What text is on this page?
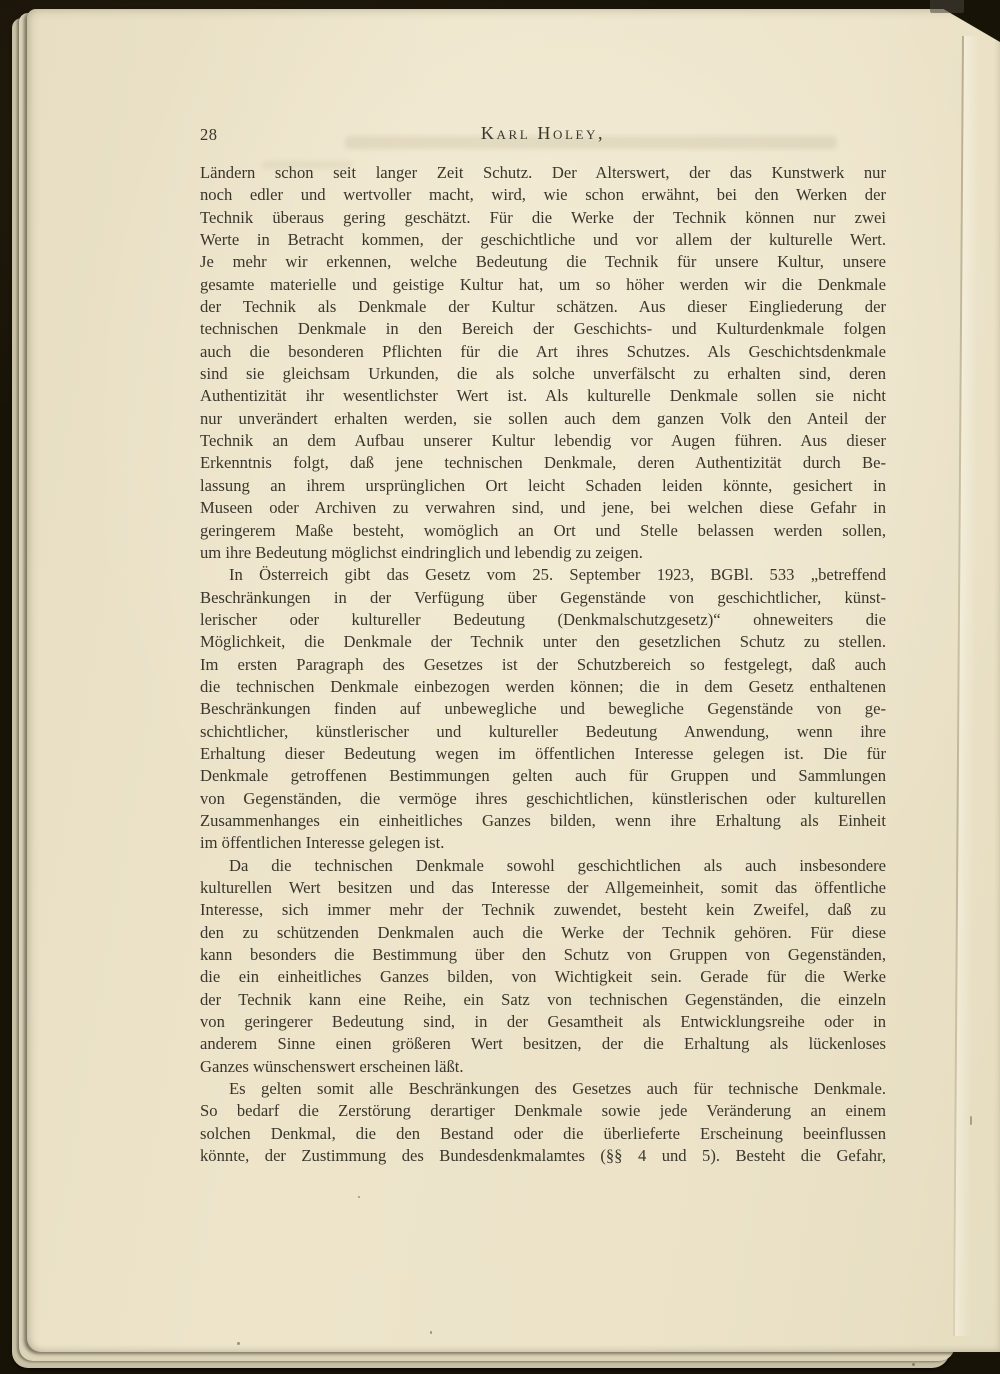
28	Karl Holey,
Ländern schon seit langer Zeit Schutz. Der Alterswert, der das Kunstwerk nur
noch edler und wertvoller macht, wird, wie schon erwähnt, bei den Werken der
Technik überaus gering geschätzt. Für die Werke der Technik können nur zwei
Werte in Betracht kommen, der geschichtliche und vor allem der kulturelle Wert.
Je mehr wir erkennen, welche Bedeutung die Technik für unsere Kultur, unsere
gesamte materielle und geistige Kultur hat, um so höher werden wir die Denkmale
der Technik als Denkmale der Kultur schätzen. Aus dieser Eingliederung der
technischen Denkmale in den Bereich der Geschichts- und Kulturdenkmale folgen
auch die besonderen Pflichten für die Art ihres Schutzes. Als Geschichtsdenkmale
sind sie gleichsam Urkunden, die als solche unverfälscht zu erhalten sind, deren
Authentizität ihr wesentlichster Wert ist. Als kulturelle Denkmale sollen sie nicht
nur unverändert erhalten werden, sie sollen auch dem ganzen Volk den Anteil der
Technik an dem Aufbau unserer Kultur lebendig vor Augen führen. Aus dieser
Erkenntnis folgt, daß jene technischen Denkmale, deren Authentizität durch Be-
lassung an ihrem ursprünglichen Ort leicht Schaden leiden könnte, gesichert in
Museen oder Archiven zu verwahren sind, und jene, bei welchen diese Gefahr in
geringerem Maße besteht, womöglich an Ort und Stelle belassen werden sollen,
um ihre Bedeutung möglichst eindringlich und lebendig zu zeigen.
In Österreich gibt das Gesetz vom 25. September 1923, BGBl. 533 „betreffend
Beschränkungen in der Verfügung über Gegenstände von geschichtlicher, künst-
lerischer oder kultureller Bedeutung (Denkmalschutzgesetz)“ ohneweiters die
Möglichkeit, die Denkmale der Technik unter den gesetzlichen Schutz zu stellen.
Im ersten Paragraph des Gesetzes ist der Schutzbereich so festgelegt, daß auch
die technischen Denkmale einbezogen werden können; die in dem Gesetz enthaltenen
Beschränkungen finden auf unbewegliche und bewegliche Gegenstände von ge-
schichtlicher, künstlerischer und kultureller Bedeutung Anwendung, wenn ihre
Erhaltung dieser Bedeutung wegen im öffentlichen Interesse gelegen ist. Die für
Denkmale getroffenen Bestimmungen gelten auch für Gruppen und Sammlungen
von Gegenständen, die vermöge ihres geschichtlichen, künstlerischen oder kulturellen
Zusammenhanges ein einheitliches Ganzes bilden, wenn ihre Erhaltung als Einheit
im öffentlichen Interesse gelegen ist.
Da die technischen Denkmale sowohl geschichtlichen als auch insbesondere
kulturellen Wert besitzen und das Interesse der Allgemeinheit, somit das öffentliche
Interesse, sich immer mehr der Technik zuwendet, besteht kein Zweifel, daß zu
den zu schützenden Denkmalen auch die Werke der Technik gehören. Für diese
kann besonders die Bestimmung über den Schutz von Gruppen von Gegenständen,
die ein einheitliches Ganzes bilden, von Wichtigkeit sein. Gerade für die Werke
der Technik kann eine Reihe, ein Satz von technischen Gegenständen, die einzeln
von geringerer Bedeutung sind, in der Gesamtheit als Entwicklungsreihe oder in
anderem Sinne einen größeren Wert besitzen, der die Erhaltung als lückenloses
Ganzes wünschenswert erscheinen läßt.
Es gelten somit alle Beschränkungen des Gesetzes auch für technische Denkmale.
So bedarf die Zerstörung derartiger Denkmale sowie jede Veränderung an einem
solchen Denkmal, die den Bestand oder die überlieferte Erscheinung beeinflussen
könnte, der Zustimmung des Bundesdenkmalamtes (§§ 4 und 5). Besteht die Gefahr,
